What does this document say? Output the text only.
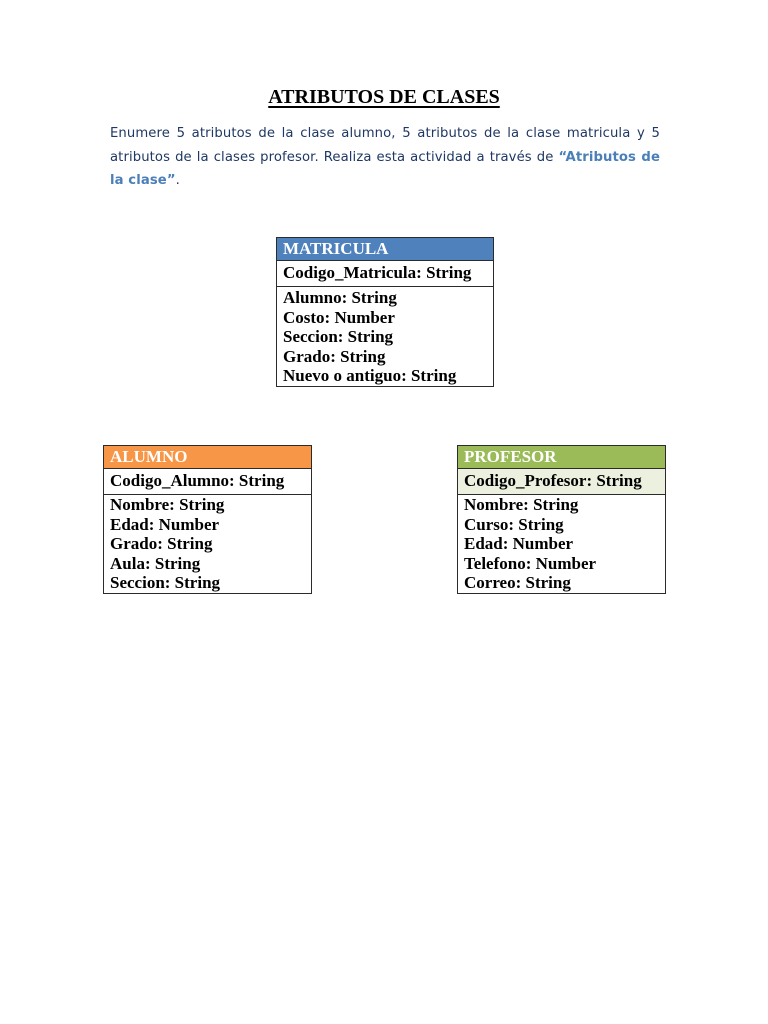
ATRIBUTOS DE CLASES
Enumere 5 atributos de la clase alumno, 5 atributos de la clase matricula y 5 atributos de la clases profesor. Realiza esta actividad a través de “Atributos de la clase”.
MATRICULA
Codigo_Matricula: String
Alumno: String
Costo: Number
Seccion: String
Grado: String
Nuevo o antiguo: String
ALUMNO
Codigo_Alumno: String
Nombre: String
Edad: Number
Grado: String
Aula: String
Seccion: String
PROFESOR
Codigo_Profesor: String
Nombre: String
Curso: String
Edad: Number
Telefono: Number
Correo: String
